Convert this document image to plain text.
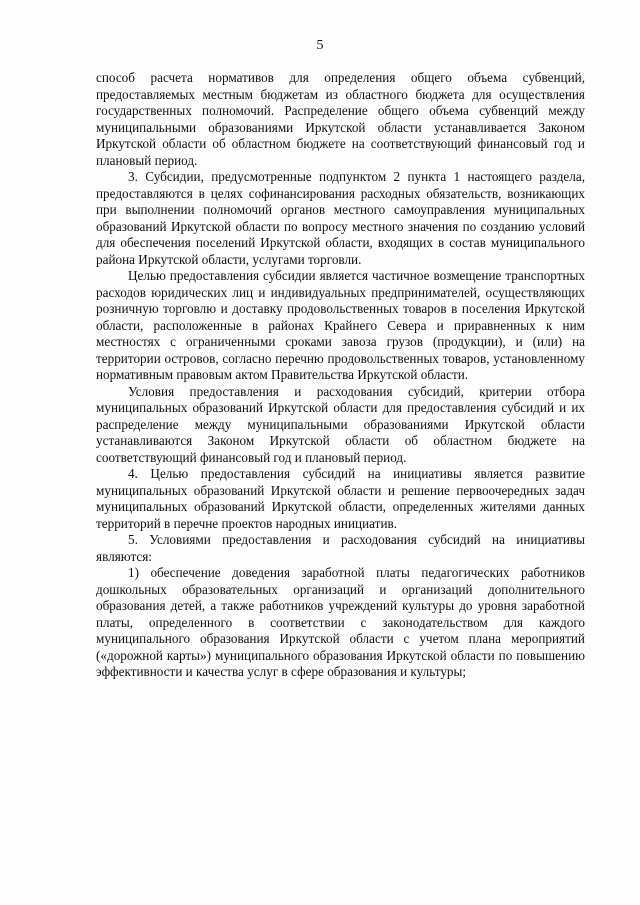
5

способ расчета нормативов для определения общего объема субвенций, предоставляемых местным бюджетам из областного бюджета для осуществления государственных полномочий. Распределение общего объема субвенций между муниципальными образованиями Иркутской области устанавливается Законом Иркутской области об областном бюджете на соответствующий финансовый год и плановый период.

3. Субсидии, предусмотренные подпунктом 2 пункта 1 настоящего раздела, предоставляются в целях софинансирования расходных обязательств, возникающих при выполнении полномочий органов местного самоуправления муниципальных образований Иркутской области по вопросу местного значения по созданию условий для обеспечения поселений Иркутской области, входящих в состав муниципального района Иркутской области, услугами торговли.

Целью предоставления субсидии является частичное возмещение транспортных расходов юридических лиц и индивидуальных предпринимателей, осуществляющих розничную торговлю и доставку продовольственных товаров в поселения Иркутской области, расположенные в районах Крайнего Севера и приравненных к ним местностях с ограниченными сроками завоза грузов (продукции), и (или) на территории островов, согласно перечню продовольственных товаров, установленному нормативным правовым актом Правительства Иркутской области.

Условия предоставления и расходования субсидий, критерии отбора муниципальных образований Иркутской области для предоставления субсидий и их распределение между муниципальными образованиями Иркутской области устанавливаются Законом Иркутской области об областном бюджете на соответствующий финансовый год и плановый период.

4. Целью предоставления субсидий на инициативы является развитие муниципальных образований Иркутской области и решение первоочередных задач муниципальных образований Иркутской области, определенных жителями данных территорий в перечне проектов народных инициатив.

5. Условиями предоставления и расходования субсидий на инициативы являются:

1) обеспечение доведения заработной платы педагогических работников дошкольных образовательных организаций и организаций дополнительного образования детей, а также работников учреждений культуры до уровня заработной платы, определенного в соответствии с законодательством для каждого муниципального образования Иркутской области с учетом плана мероприятий («дорожной карты») муниципального образования Иркутской области по повышению эффективности и качества услуг в сфере образования и культуры;
